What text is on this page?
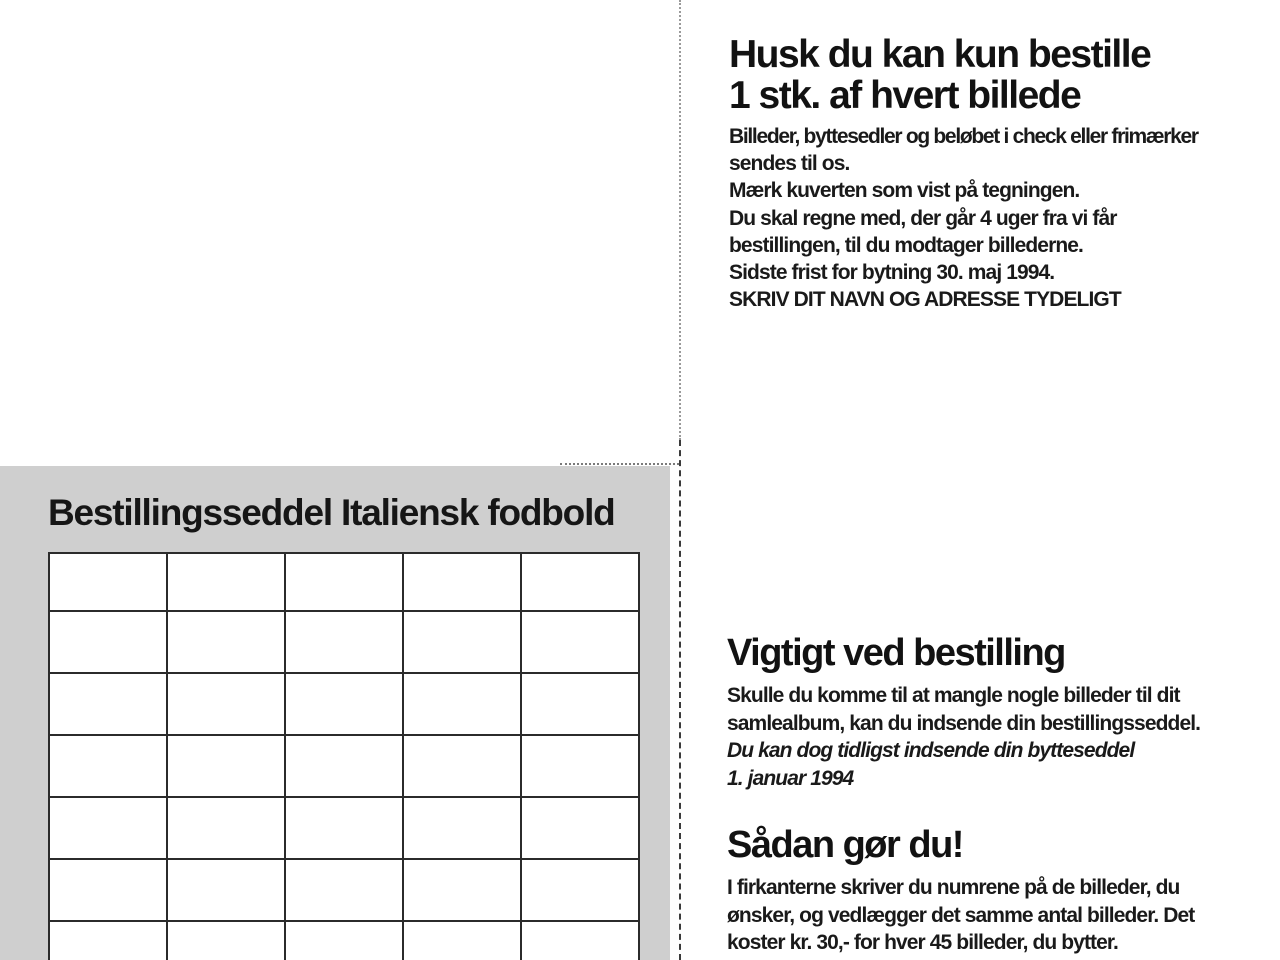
Bestillingsseddel Italiensk fodbold

Husk du kan kun bestille
1 stk. af hvert billede

Billeder, byttesedler og beløbet i check eller frimærker
sendes til os.
Mærk kuverten som vist på tegningen.
Du skal regne med, der går 4 uger fra vi får
bestillingen, til du modtager billederne.
Sidste frist for bytning 30. maj 1994.
SKRIV DIT NAVN OG ADRESSE TYDELIGT

Vigtigt ved bestilling

Skulle du komme til at mangle nogle billeder til dit
samlealbum, kan du indsende din bestillingsseddel.
Du kan dog tidligst indsende din bytteseddel
1. januar 1994

Sådan gør du!

I firkanterne skriver du numrene på de billeder, du
ønsker, og vedlægger det samme antal billeder. Det
koster kr. 30,- for hver 45 billeder, du bytter.
